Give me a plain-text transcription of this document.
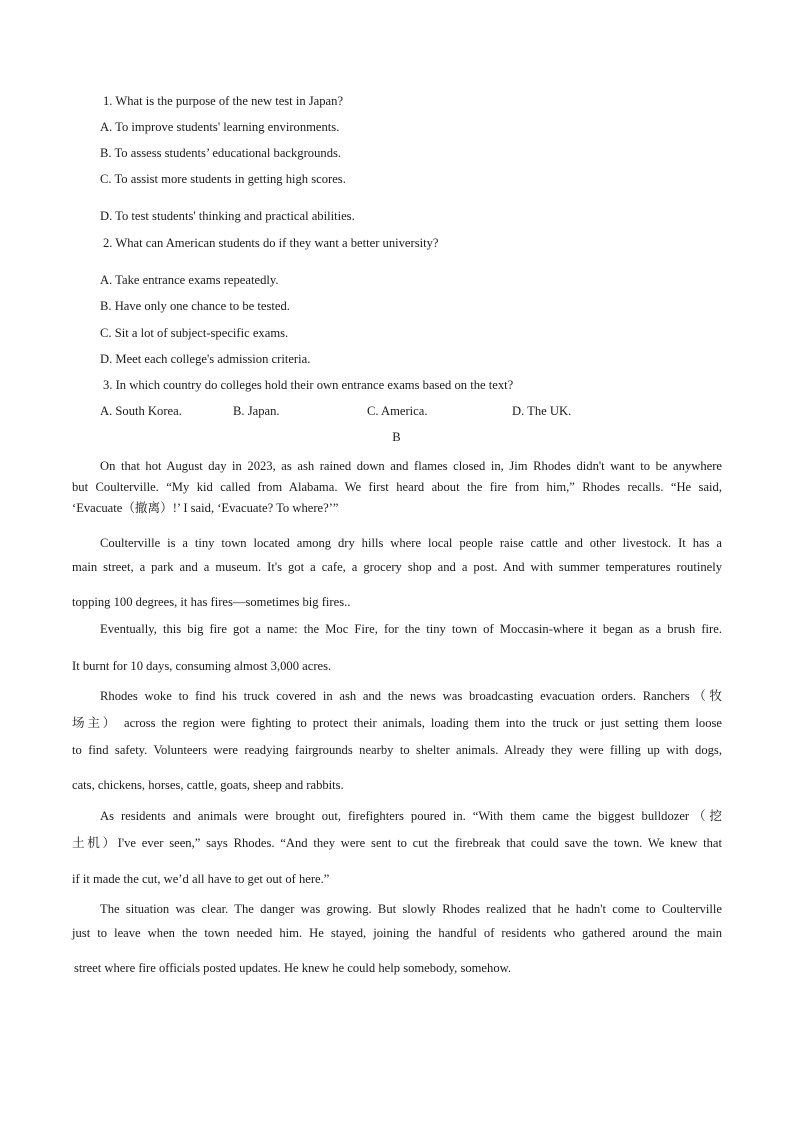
1. What is the purpose of the new test in Japan?
A. To improve students' learning environments.
B. To assess students’ educational backgrounds.
C. To assist more students in getting high scores.
D. To test students' thinking and practical abilities.
2. What can American students do if they want a better university?
A. Take entrance exams repeatedly.
B. Have only one chance to be tested.
C. Sit a lot of subject-specific exams.
D. Meet each college's admission criteria.
3. In which country do colleges hold their own entrance exams based on the text?
A. South Korea.	B. Japan.	C. America.	D. The UK.
B
On that hot August day in 2023, as ash rained down and flames closed in, Jim Rhodes didn't want to be anywhere
but Coulterville. “My kid called from Alabama. We first heard about the fire from him,” Rhodes recalls. “He said,
‘Evacuate（撤离）!’ I said, ‘Evacuate? To where?’”
Coulterville is a tiny town located among dry hills where local people raise cattle and other livestock. It has a
main street, a park and a museum. It's got a cafe, a grocery shop and a post. And with summer temperatures routinely
topping 100 degrees, it has fires—sometimes big fires..
Eventually, this big fire got a name: the Moc Fire, for the tiny town of Moccasin-where it began as a brush fire.
It burnt for 10 days, consuming almost 3,000 acres.
Rhodes woke to find his truck covered in ash and the news was broadcasting evacuation orders. Ranchers（牧
场主） across the region were fighting to protect their animals, loading them into the truck or just setting them loose
to find safety. Volunteers were readying fairgrounds nearby to shelter animals. Already they were filling up with dogs,
cats, chickens, horses, cattle, goats, sheep and rabbits.
As residents and animals were brought out, firefighters poured in. “With them came the biggest bulldozer（挖
土机）I've ever seen,” says Rhodes. “And they were sent to cut the firebreak that could save the town. We knew that
if it made the cut, we’d all have to get out of here.”
The situation was clear. The danger was growing. But slowly Rhodes realized that he hadn't come to Coulterville
just to leave when the town needed him. He stayed, joining the handful of residents who gathered around the main
street where fire officials posted updates. He knew he could help somebody, somehow.
